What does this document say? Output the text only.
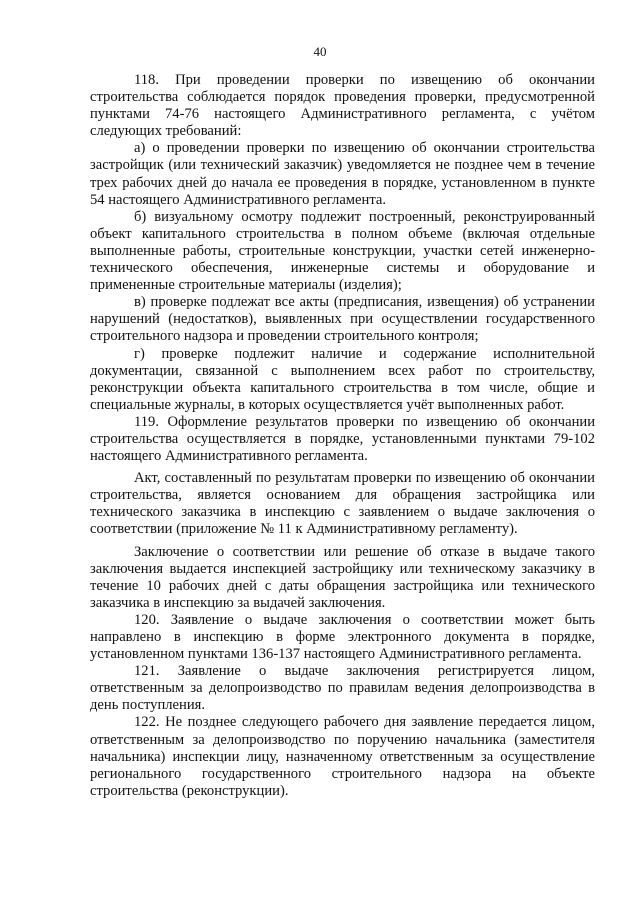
40

118. При проведении проверки по извещению об окончании строительства соблюдается порядок проведения проверки, предусмотренной пунктами 74-76 настоящего Административного регламента, с учётом следующих требований:

а) о проведении проверки по извещению об окончании строительства застройщик (или технический заказчик) уведомляется не позднее чем в течение трех рабочих дней до начала ее проведения в порядке, установленном в пункте 54 настоящего Административного регламента.

б) визуальному осмотру подлежит построенный, реконструированный объект капитального строительства в полном объеме (включая отдельные выполненные работы, строительные конструкции, участки сетей инженерно-технического обеспечения, инженерные системы и оборудование и примененные строительные материалы (изделия);

в) проверке подлежат все акты (предписания, извещения) об устранении нарушений (недостатков), выявленных при осуществлении государственного строительного надзора и проведении строительного контроля;

г) проверке подлежит наличие и содержание исполнительной документации, связанной с выполнением всех работ по строительству, реконструкции объекта капитального строительства в том числе, общие и специальные журналы, в которых осуществляется учёт выполненных работ.

119. Оформление результатов проверки по извещению об окончании строительства осуществляется в порядке, установленными пунктами 79-102 настоящего Административного регламента.

Акт, составленный по результатам проверки по извещению об окончании строительства, является основанием для обращения застройщика или технического заказчика в инспекцию с заявлением о выдаче заключения о соответствии (приложение № 11 к Административному регламенту).

Заключение о соответствии или решение об отказе в выдаче такого заключения выдается инспекцией застройщику или техническому заказчику в течение 10 рабочих дней с даты обращения застройщика или технического заказчика в инспекцию за выдачей заключения.

120. Заявление о выдаче заключения о соответствии может быть направлено в инспекцию в форме электронного документа в порядке, установленном пунктами 136-137 настоящего Административного регламента.

121. Заявление о выдаче заключения регистрируется лицом, ответственным за делопроизводство по правилам ведения делопроизводства в день поступления.

122. Не позднее следующего рабочего дня заявление передается лицом, ответственным за делопроизводство по поручению начальника (заместителя начальника) инспекции лицу, назначенному ответственным за осуществление регионального государственного строительного надзора на объекте строительства (реконструкции).
